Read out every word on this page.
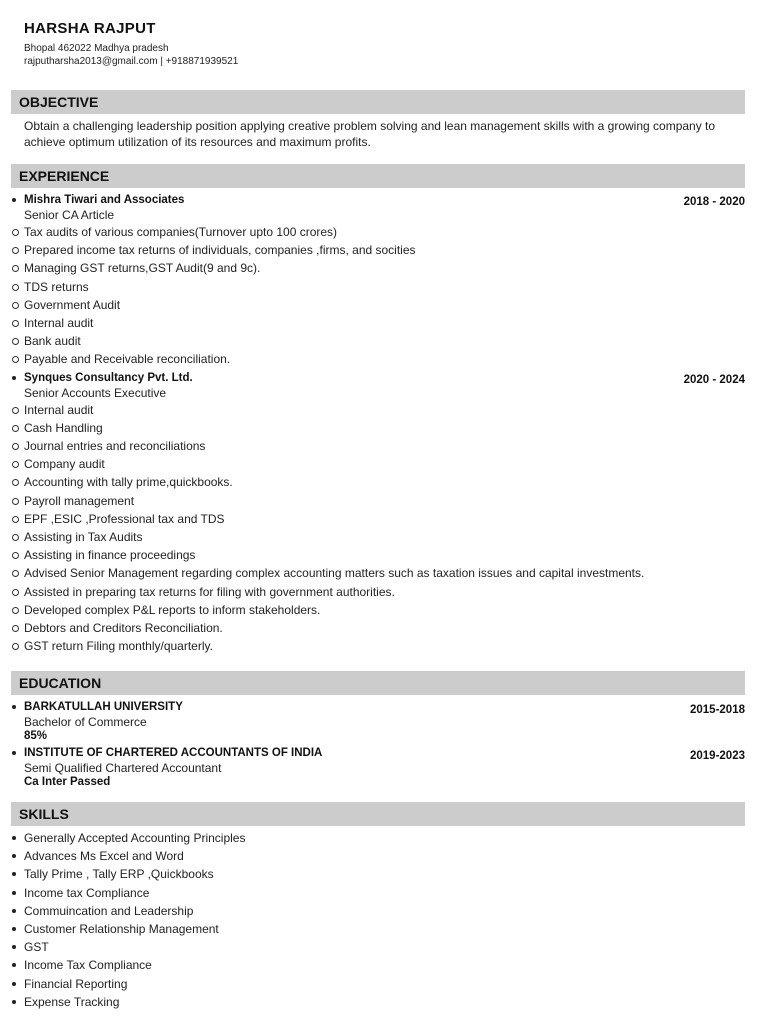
HARSHA RAJPUT
Bhopal 462022 Madhya pradesh
rajputharsha2013@gmail.com | +918871939521
OBJECTIVE
Obtain a challenging leadership position applying creative problem solving and lean management skills with a growing company to achieve optimum utilization of its resources and maximum profits.
EXPERIENCE
Mishra Tiwari and Associates	2018 - 2020
Senior CA Article
Tax audits of various companies(Turnover upto 100 crores)
Prepared income tax returns of individuals, companies ,firms, and socities
Managing GST returns,GST Audit(9 and 9c).
TDS returns
Government Audit
Internal audit
Bank audit
Payable and Receivable reconciliation.
Synques Consultancy Pvt. Ltd.	2020 - 2024
Senior Accounts Executive
Internal audit
Cash Handling
Journal entries and reconciliations
Company audit
Accounting with tally prime,quickbooks.
Payroll management
EPF ,ESIC ,Professional tax and TDS
Assisting in Tax Audits
Assisting in finance proceedings
Advised Senior Management regarding complex accounting matters such as taxation issues and capital investments.
Assisted in preparing tax returns for filing with government authorities.
Developed complex P&L reports to inform stakeholders.
Debtors and Creditors Reconciliation.
GST return Filing monthly/quarterly.
EDUCATION
BARKATULLAH UNIVERSITY	2015-2018
Bachelor of Commerce
85%
INSTITUTE OF CHARTERED ACCOUNTANTS OF INDIA	2019-2023
Semi Qualified Chartered Accountant
Ca Inter Passed
SKILLS
Generally Accepted Accounting Principles
Advances Ms Excel and Word
Tally Prime , Tally ERP ,Quickbooks
Income tax Compliance
Commuincation and Leadership
Customer Relationship Management
GST
Income Tax Compliance
Financial Reporting
Expense Tracking
